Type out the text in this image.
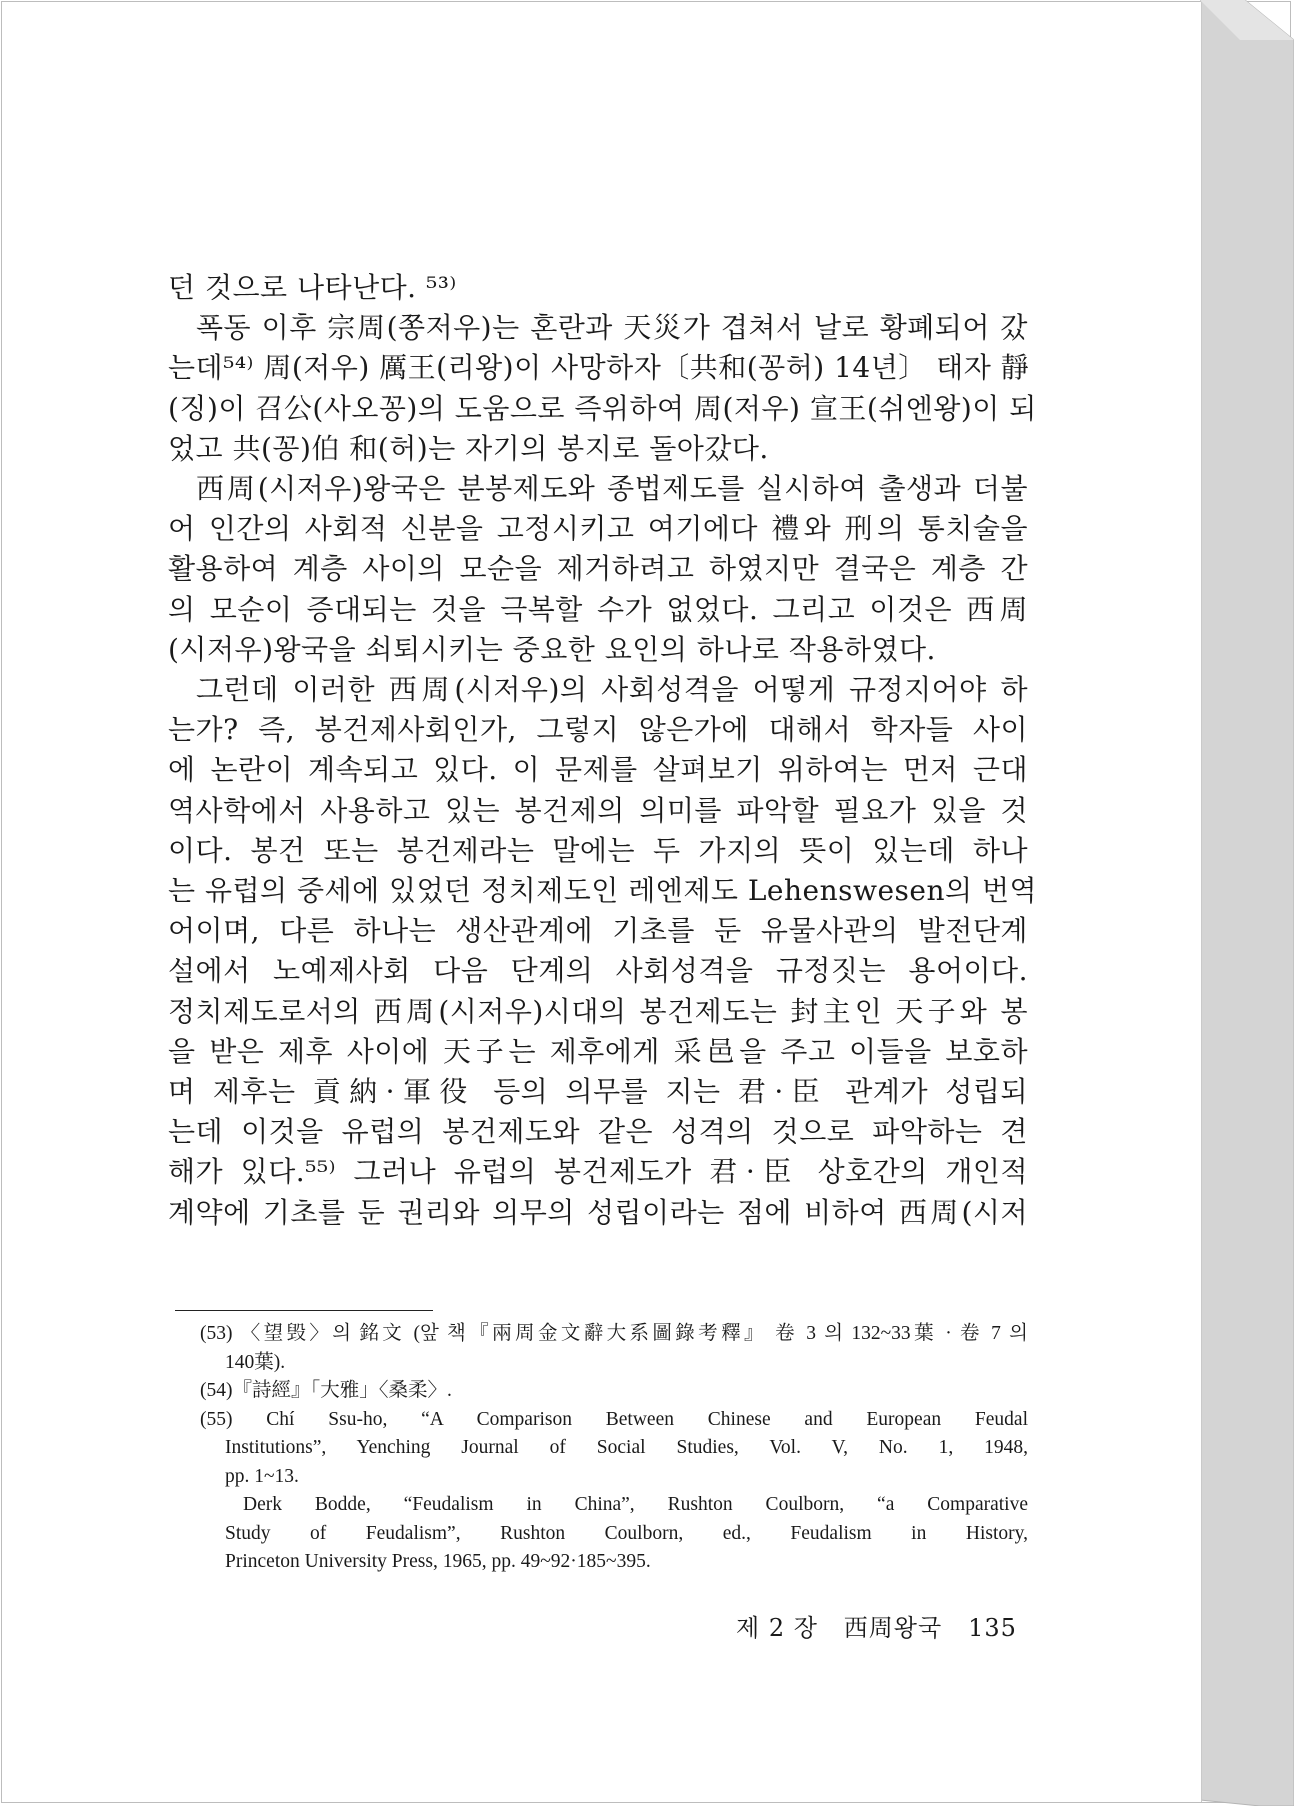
던 것으로 나타난다. ⁵³⁾
폭동 이후 宗周(쫑저우)는 혼란과 天災가 겹쳐서 날로 황폐되어 갔
는데⁵⁴⁾ 周(저우) 厲王(리왕)이 사망하자〔共和(꽁허) 14년〕 태자 靜
(징)이 召公(사오꽁)의 도움으로 즉위하여 周(저우) 宣王(쉬엔왕)이 되
었고 共(꽁)伯 和(허)는 자기의 봉지로 돌아갔다.
西周(시저우)왕국은 분봉제도와 종법제도를 실시하여 출생과 더불
어 인간의 사회적 신분을 고정시키고 여기에다 禮와 刑의 통치술을
활용하여 계층 사이의 모순을 제거하려고 하였지만 결국은 계층 간
의 모순이 증대되는 것을 극복할 수가 없었다. 그리고 이것은 西周
(시저우)왕국을 쇠퇴시키는 중요한 요인의 하나로 작용하였다.
그런데 이러한 西周(시저우)의 사회성격을 어떻게 규정지어야 하
는가? 즉, 봉건제사회인가, 그렇지 않은가에 대해서 학자들 사이
에 논란이 계속되고 있다. 이 문제를 살펴보기 위하여는 먼저 근대
역사학에서 사용하고 있는 봉건제의 의미를 파악할 필요가 있을 것
이다. 봉건 또는 봉건제라는 말에는 두 가지의 뜻이 있는데 하나
는 유럽의 중세에 있었던 정치제도인 레엔제도 Lehenswesen의 번역
어이며, 다른 하나는 생산관계에 기초를 둔 유물사관의 발전단계
설에서 노예제사회 다음 단계의 사회성격을 규정짓는 용어이다.
정치제도로서의 西周(시저우)시대의 봉건제도는 封主인 天子와 봉
을 받은 제후 사이에 天子는 제후에게 采邑을 주고 이들을 보호하
며 제후는 貢納·軍役 등의 의무를 지는 君·臣 관계가 성립되
는데 이것을 유럽의 봉건제도와 같은 성격의 것으로 파악하는 견
해가 있다.⁵⁵⁾ 그러나 유럽의 봉건제도가 君·臣 상호간의 개인적
계약에 기초를 둔 권리와 의무의 성립이라는 점에 비하여 西周(시저
(53) 〈望毁〉의 銘文 (앞 책『兩周金文辭大系圖錄考釋』 卷 3 의 132~33葉 · 卷 7 의
140葉).
(54)『詩經』「大雅」〈桑柔〉.
(55) Chí Ssu-ho, “A Comparison Between Chinese and European Feudal
Institutions”, Yenching Journal of Social Studies, Vol. V, No. 1, 1948,
pp. 1~13.
Derk Bodde, “Feudalism in China”, Rushton Coulborn, “a Comparative
Study of Feudalism”, Rushton Coulborn, ed., Feudalism in History,
Princeton University Press, 1965, pp. 49~92·185~395.
제 2 장 西周왕국 135
